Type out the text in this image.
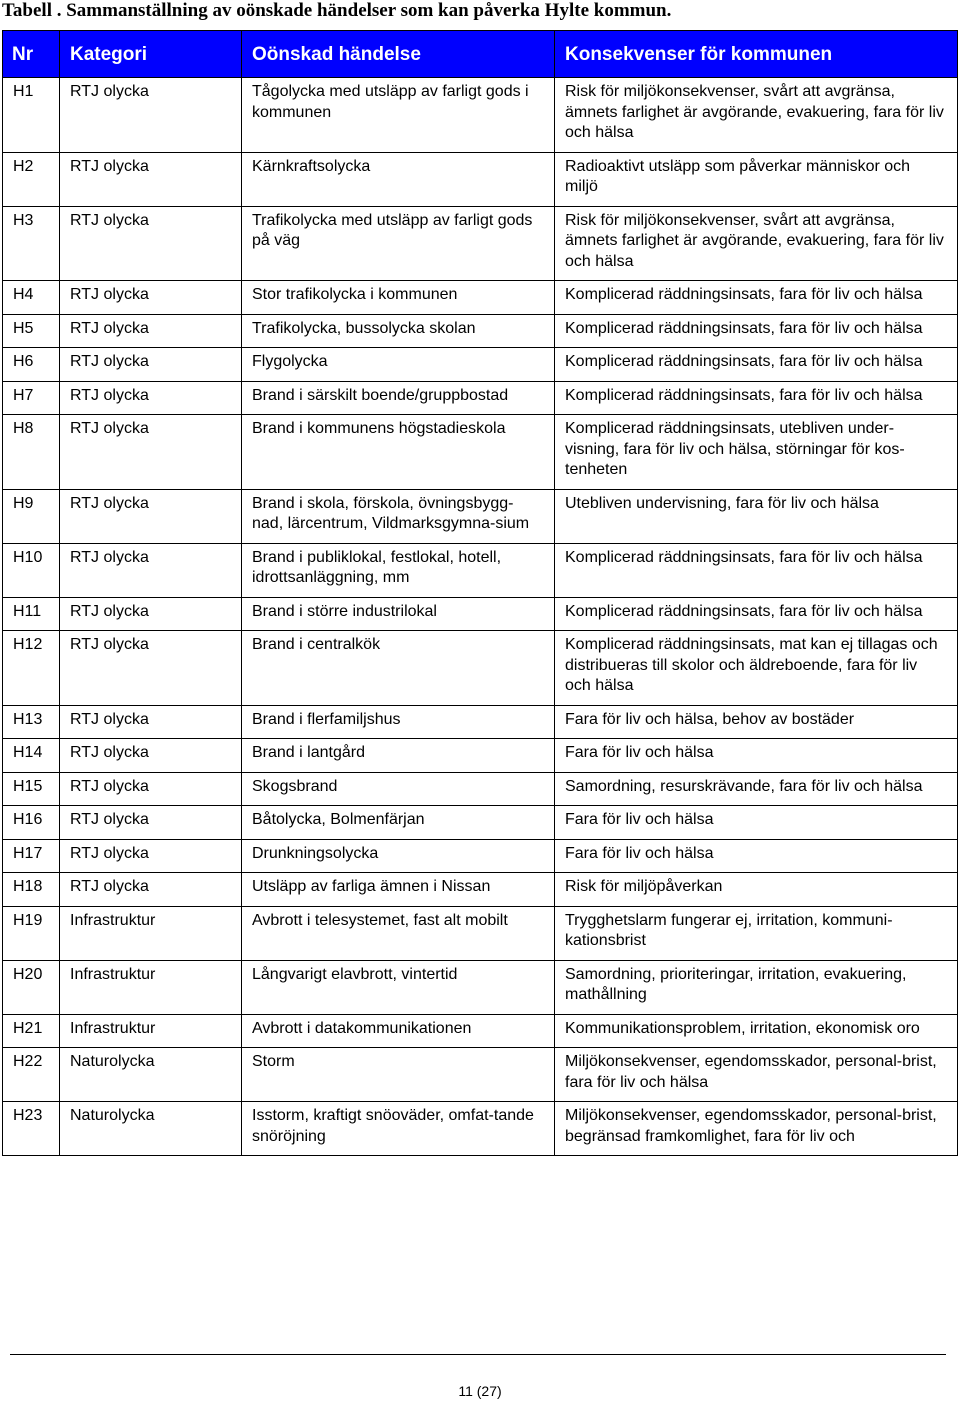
Tabell . Sammanställning av oönskade händelser som kan påverka Hylte kommun.
Nr	Kategori	Oönskad händelse	Konsekvenser för kommunen
H1	RTJ olycka	Tågolycka med utsläpp av farligt gods i kommunen	Risk för miljökonsekvenser, svårt att avgränsa, ämnets farlighet är avgörande, evakuering, fara för liv och hälsa
H2	RTJ olycka	Kärnkraftsolycka	Radioaktivt utsläpp som påverkar människor och miljö
H3	RTJ olycka	Trafikolycka med utsläpp av farligt gods på väg	Risk för miljökonsekvenser, svårt att avgränsa, ämnets farlighet är avgörande, evakuering, fara för liv och hälsa
H4	RTJ olycka	Stor trafikolycka i kommunen	Komplicerad räddningsinsats, fara för liv och hälsa
H5	RTJ olycka	Trafikolycka, bussolycka skolan	Komplicerad räddningsinsats, fara för liv och hälsa
H6	RTJ olycka	Flygolycka	Komplicerad räddningsinsats, fara för liv och hälsa
H7	RTJ olycka	Brand i särskilt boende/gruppbostad	Komplicerad räddningsinsats, fara för liv och hälsa
H8	RTJ olycka	Brand i kommunens högstadieskola	Komplicerad räddningsinsats, utebliven under-visning, fara för liv och hälsa, störningar för kos-tenheten
H9	RTJ olycka	Brand i skola, förskola, övningsbygg-nad, lärcentrum, Vildmarksgymna-sium	Utebliven undervisning, fara för liv och hälsa
H10	RTJ olycka	Brand i publiklokal, festlokal, hotell, idrottsanläggning, mm	Komplicerad räddningsinsats, fara för liv och hälsa
H11	RTJ olycka	Brand i större industrilokal	Komplicerad räddningsinsats, fara för liv och hälsa
H12	RTJ olycka	Brand i centralkök	Komplicerad räddningsinsats, mat kan ej tillagas och distribueras till skolor och äldreboende, fara för liv och hälsa
H13	RTJ olycka	Brand i flerfamiljshus	Fara för liv och hälsa, behov av bostäder
H14	RTJ olycka	Brand i lantgård	Fara för liv och hälsa
H15	RTJ olycka	Skogsbrand	Samordning, resurskrävande, fara för liv och hälsa
H16	RTJ olycka	Båtolycka, Bolmenfärjan	Fara för liv och hälsa
H17	RTJ olycka	Drunkningsolycka	Fara för liv och hälsa
H18	RTJ olycka	Utsläpp av farliga ämnen i Nissan	Risk för miljöpåverkan
H19	Infrastruktur	Avbrott i telesystemet, fast alt mobilt	Trygghetslarm fungerar ej, irritation, kommuni-kationsbrist
H20	Infrastruktur	Långvarigt elavbrott, vintertid	Samordning, prioriteringar, irritation, evakuering, mathållning
H21	Infrastruktur	Avbrott i datakommunikationen	Kommunikationsproblem, irritation, ekonomisk oro
H22	Naturolycka	Storm	Miljökonsekvenser, egendomsskador, personal-brist, fara för liv och hälsa
H23	Naturolycka	Isstorm, kraftigt snöoväder, omfat-tande snöröjning	Miljökonsekvenser, egendomsskador, personal-brist, begränsad framkomlighet, fara för liv och
11 (27)
